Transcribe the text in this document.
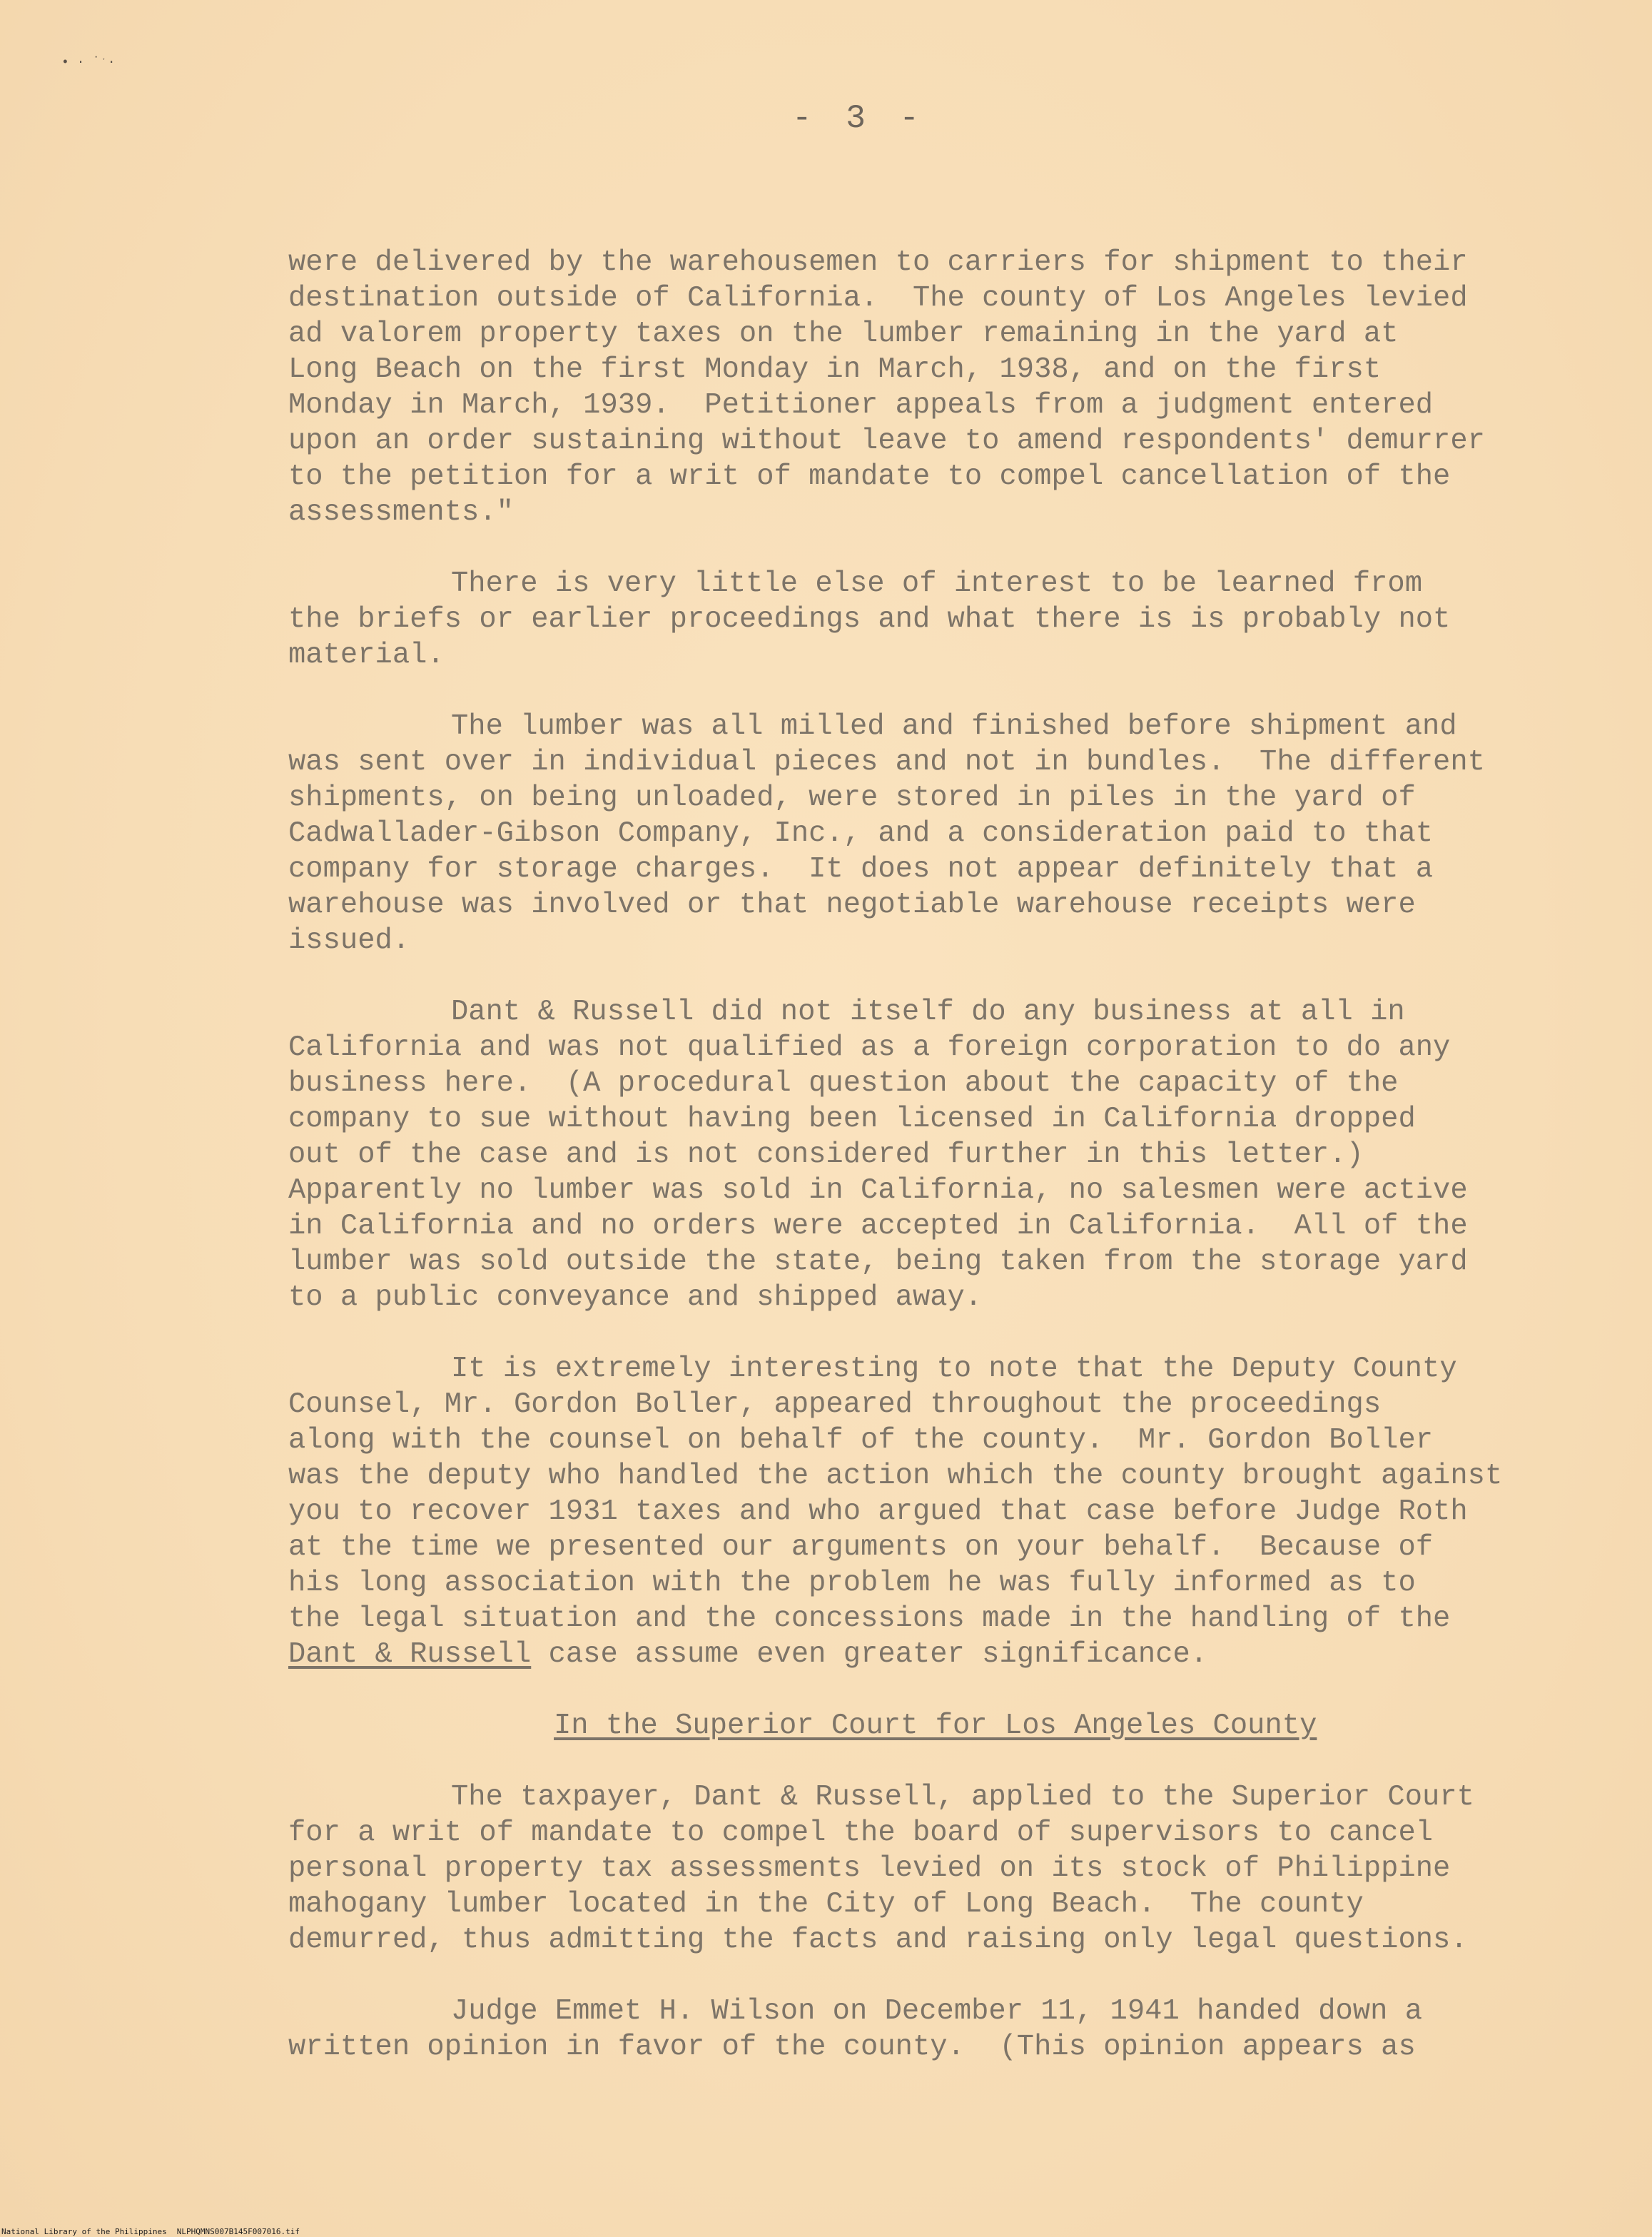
• · ˙ˑ·
- 3 -
were delivered by the warehousemen to carriers for shipment to their
destination outside of California.  The county of Los Angeles levied
ad valorem property taxes on the lumber remaining in the yard at
Long Beach on the first Monday in March, 1938, and on the first
Monday in March, 1939.  Petitioner appeals from a judgment entered
upon an order sustaining without leave to amend respondents' demurrer
to the petition for a writ of mandate to compel cancellation of the
assessments."
There is very little else of interest to be learned from
the briefs or earlier proceedings and what there is is probably not
material.
The lumber was all milled and finished before shipment and
was sent over in individual pieces and not in bundles.  The different
shipments, on being unloaded, were stored in piles in the yard of
Cadwallader-Gibson Company, Inc., and a consideration paid to that
company for storage charges.  It does not appear definitely that a
warehouse was involved or that negotiable warehouse receipts were
issued.
Dant & Russell did not itself do any business at all in
California and was not qualified as a foreign corporation to do any
business here.  (A procedural question about the capacity of the
company to sue without having been licensed in California dropped
out of the case and is not considered further in this letter.)
Apparently no lumber was sold in California, no salesmen were active
in California and no orders were accepted in California.  All of the
lumber was sold outside the state, being taken from the storage yard
to a public conveyance and shipped away.
It is extremely interesting to note that the Deputy County
Counsel, Mr. Gordon Boller, appeared throughout the proceedings
along with the counsel on behalf of the county.  Mr. Gordon Boller
was the deputy who handled the action which the county brought against
you to recover 1931 taxes and who argued that case before Judge Roth
at the time we presented our arguments on your behalf.  Because of
his long association with the problem he was fully informed as to
the legal situation and the concessions made in the handling of the
Dant & Russell case assume even greater significance.
In the Superior Court for Los Angeles County
The taxpayer, Dant & Russell, applied to the Superior Court
for a writ of mandate to compel the board of supervisors to cancel
personal property tax assessments levied on its stock of Philippine
mahogany lumber located in the City of Long Beach.  The county
demurred, thus admitting the facts and raising only legal questions.
Judge Emmet H. Wilson on December 11, 1941 handed down a
written opinion in favor of the county.  (This opinion appears as
National Library of the Philippines NLPHQMNS007B145F007016.tif
